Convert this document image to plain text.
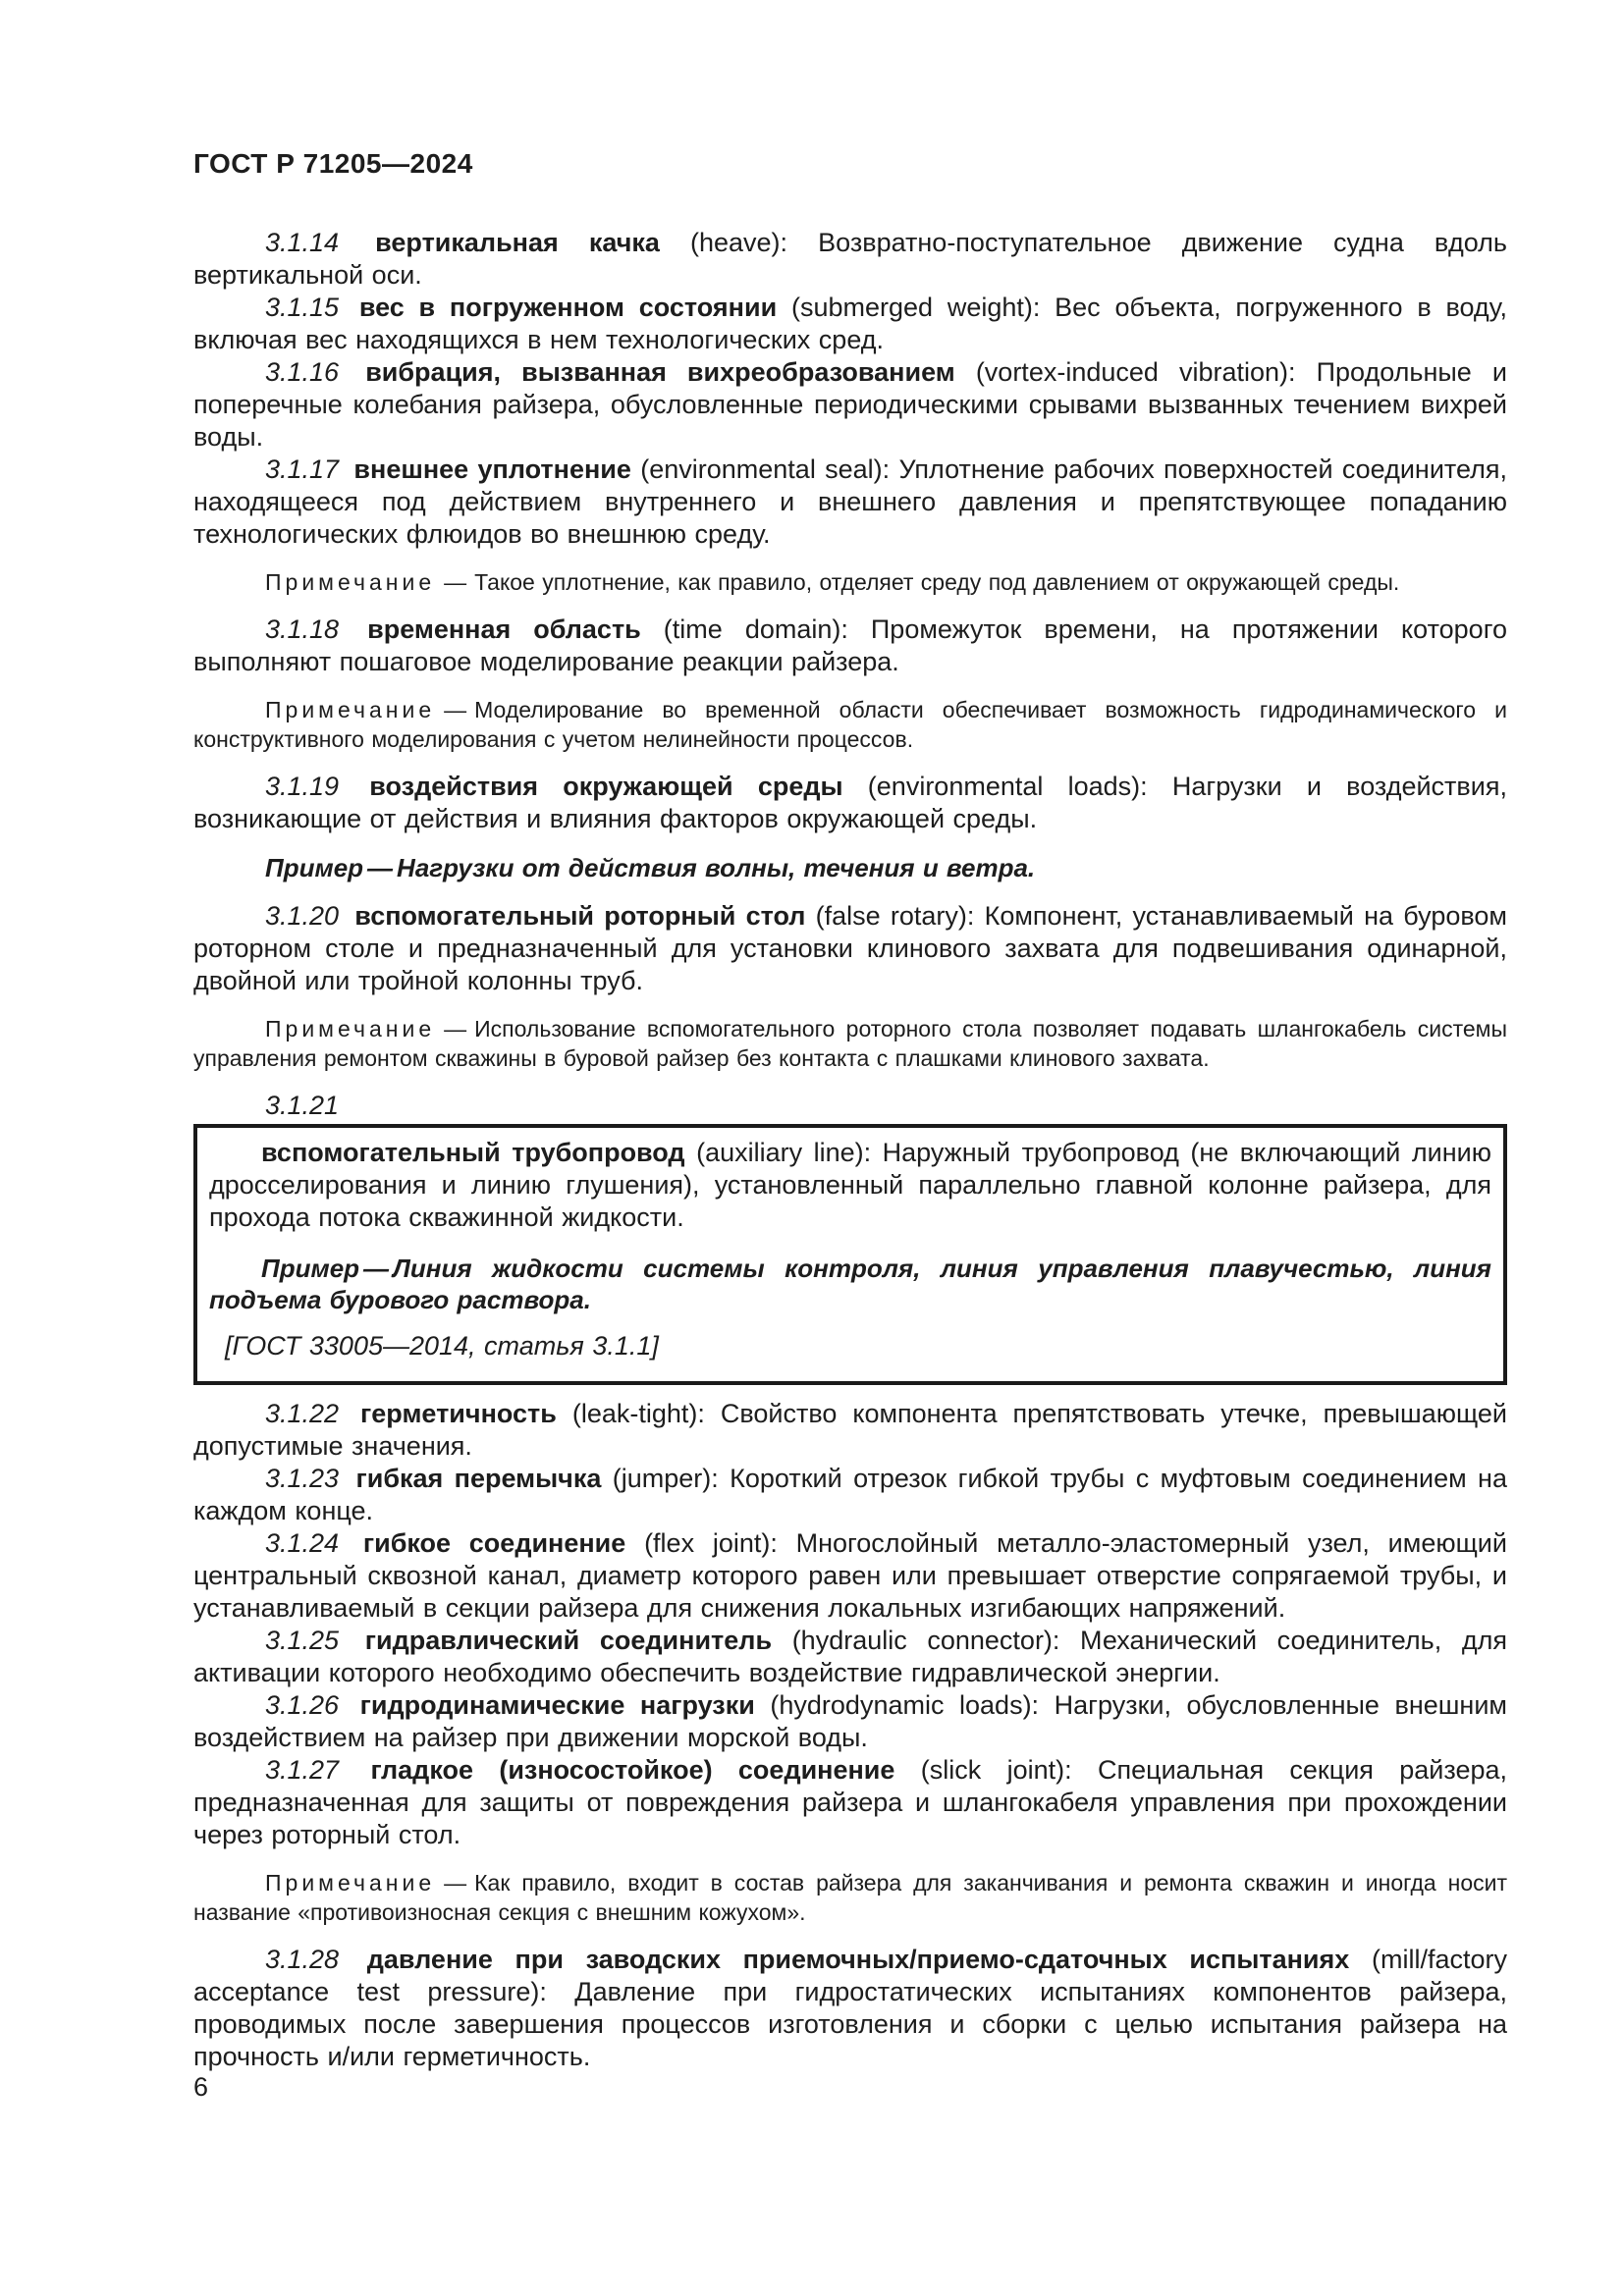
ГОСТ Р 71205—2024

3.1.14 вертикальная качка (heave): Возвратно-поступательное движение судна вдоль вертикальной оси.

3.1.15 вес в погруженном состоянии (submerged weight): Вес объекта, погруженного в воду, включая вес находящихся в нем технологических сред.

3.1.16 вибрация, вызванная вихреобразованием (vortex-induced vibration): Продольные и поперечные колебания райзера, обусловленные периодическими срывами вызванных течением вихрей воды.

3.1.17 внешнее уплотнение (environmental seal): Уплотнение рабочих поверхностей соединителя, находящееся под действием внутреннего и внешнего давления и препятствующее попаданию технологических флюидов во внешнюю среду.

Примечание — Такое уплотнение, как правило, отделяет среду под давлением от окружающей среды.

3.1.18 временная область (time domain): Промежуток времени, на протяжении которого выполняют пошаговое моделирование реакции райзера.

Примечание — Моделирование во временной области обеспечивает возможность гидродинамического и конструктивного моделирования с учетом нелинейности процессов.

3.1.19 воздействия окружающей среды (environmental loads): Нагрузки и воздействия, возникающие от действия и влияния факторов окружающей среды.

Пример — Нагрузки от действия волны, течения и ветра.

3.1.20 вспомогательный роторный стол (false rotary): Компонент, устанавливаемый на буровом роторном столе и предназначенный для установки клинового захвата для подвешивания одинарной, двойной или тройной колонны труб.

Примечание — Использование вспомогательного роторного стола позволяет подавать шлангокабель системы управления ремонтом скважины в буровой райзер без контакта с плашками клинового захвата.

3.1.21

вспомогательный трубопровод (auxiliary line): Наружный трубопровод (не включающий линию дросселирования и линию глушения), установленный параллельно главной колонне райзера, для прохода потока скважинной жидкости.

Пример — Линия жидкости системы контроля, линия управления плавучестью, линия подъема бурового раствора.

[ГОСТ 33005—2014, статья 3.1.1]

3.1.22 герметичность (leak-tight): Свойство компонента препятствовать утечке, превышающей допустимые значения.

3.1.23 гибкая перемычка (jumper): Короткий отрезок гибкой трубы с муфтовым соединением на каждом конце.

3.1.24 гибкое соединение (flex joint): Многослойный металло-эластомерный узел, имеющий центральный сквозной канал, диаметр которого равен или превышает отверстие сопрягаемой трубы, и устанавливаемый в секции райзера для снижения локальных изгибающих напряжений.

3.1.25 гидравлический соединитель (hydraulic connector): Механический соединитель, для активации которого необходимо обеспечить воздействие гидравлической энергии.

3.1.26 гидродинамические нагрузки (hydrodynamic loads): Нагрузки, обусловленные внешним воздействием на райзер при движении морской воды.

3.1.27 гладкое (износостойкое) соединение (slick joint): Специальная секция райзера, предназначенная для защиты от повреждения райзера и шлангокабеля управления при прохождении через роторный стол.

Примечание — Как правило, входит в состав райзера для заканчивания и ремонта скважин и иногда носит название «противоизносная секция с внешним кожухом».

3.1.28 давление при заводских приемочных/приемо-сдаточных испытаниях (mill/factory acceptance test pressure): Давление при гидростатических испытаниях компонентов райзера, проводимых после завершения процессов изготовления и сборки с целью испытания райзера на прочность и/или герметичность.

6
